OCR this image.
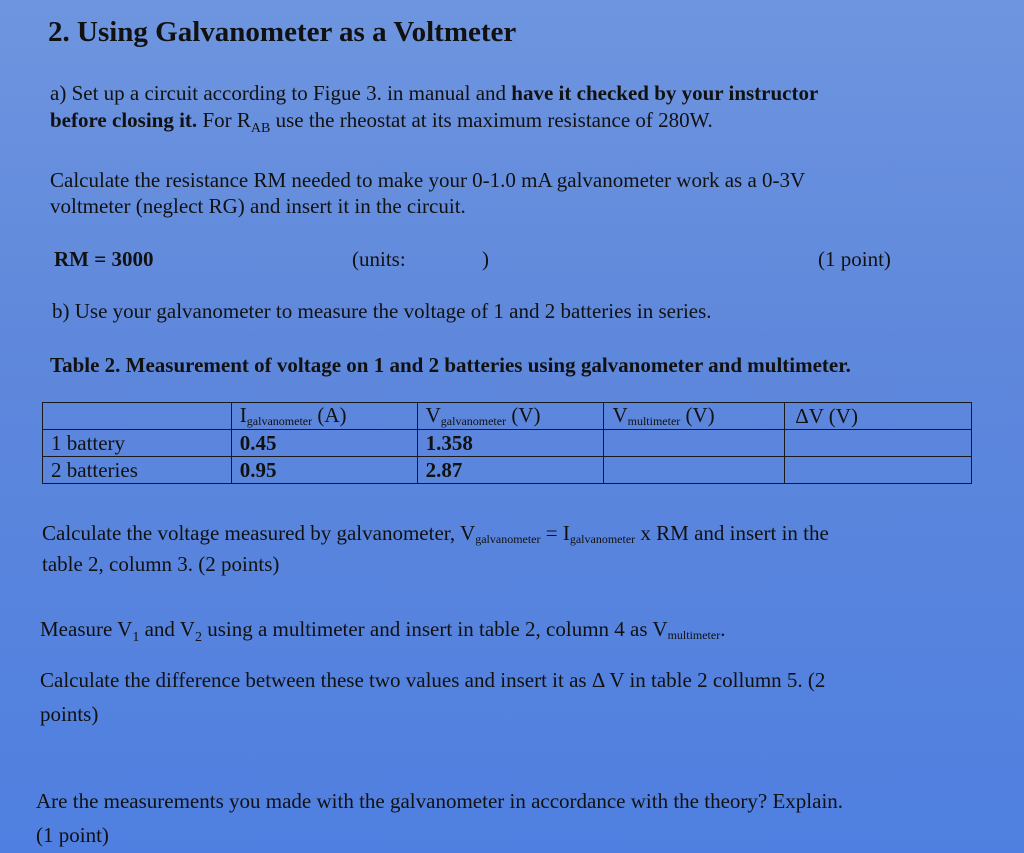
2. Using Galvanometer as a Voltmeter
a) Set up a circuit according to Figue 3. in manual and have it checked by your instructor
before closing it. For $R_{AB}$ use the rheostat at its maximum resistance of 280W.
Calculate the resistance RM needed to make your 0-1.0 mA galvanometer work as a 0-3V
voltmeter (neglect RG) and insert it in the circuit.
RM = 3000	(units:	)	(1 point)
b) Use your galvanometer to measure the voltage of 1 and 2 batteries in series.
Table 2. Measurement of voltage on 1 and 2 batteries using galvanometer and multimeter.
	$I_{galvanometer}$ (A)	$V_{galvanometer}$ (V)	$V_{multimeter}$ (V)	ΔV (V)
1 battery	0.45	1.358		
2 batteries	0.95	2.87		
Calculate the voltage measured by galvanometer, $V_{galvanometer} = I_{galvanometer}$ x RM and insert in the
table 2, column 3. (2 points)
Measure $V_1$ and $V_2$ using a multimeter and insert in table 2, column 4 as $V_{multimeter}$.
Calculate the difference between these two values and insert it as Δ V in table 2 collumn 5. (2
points)
Are the measurements you made with the galvanometer in accordance with the theory? Explain.
(1 point)
